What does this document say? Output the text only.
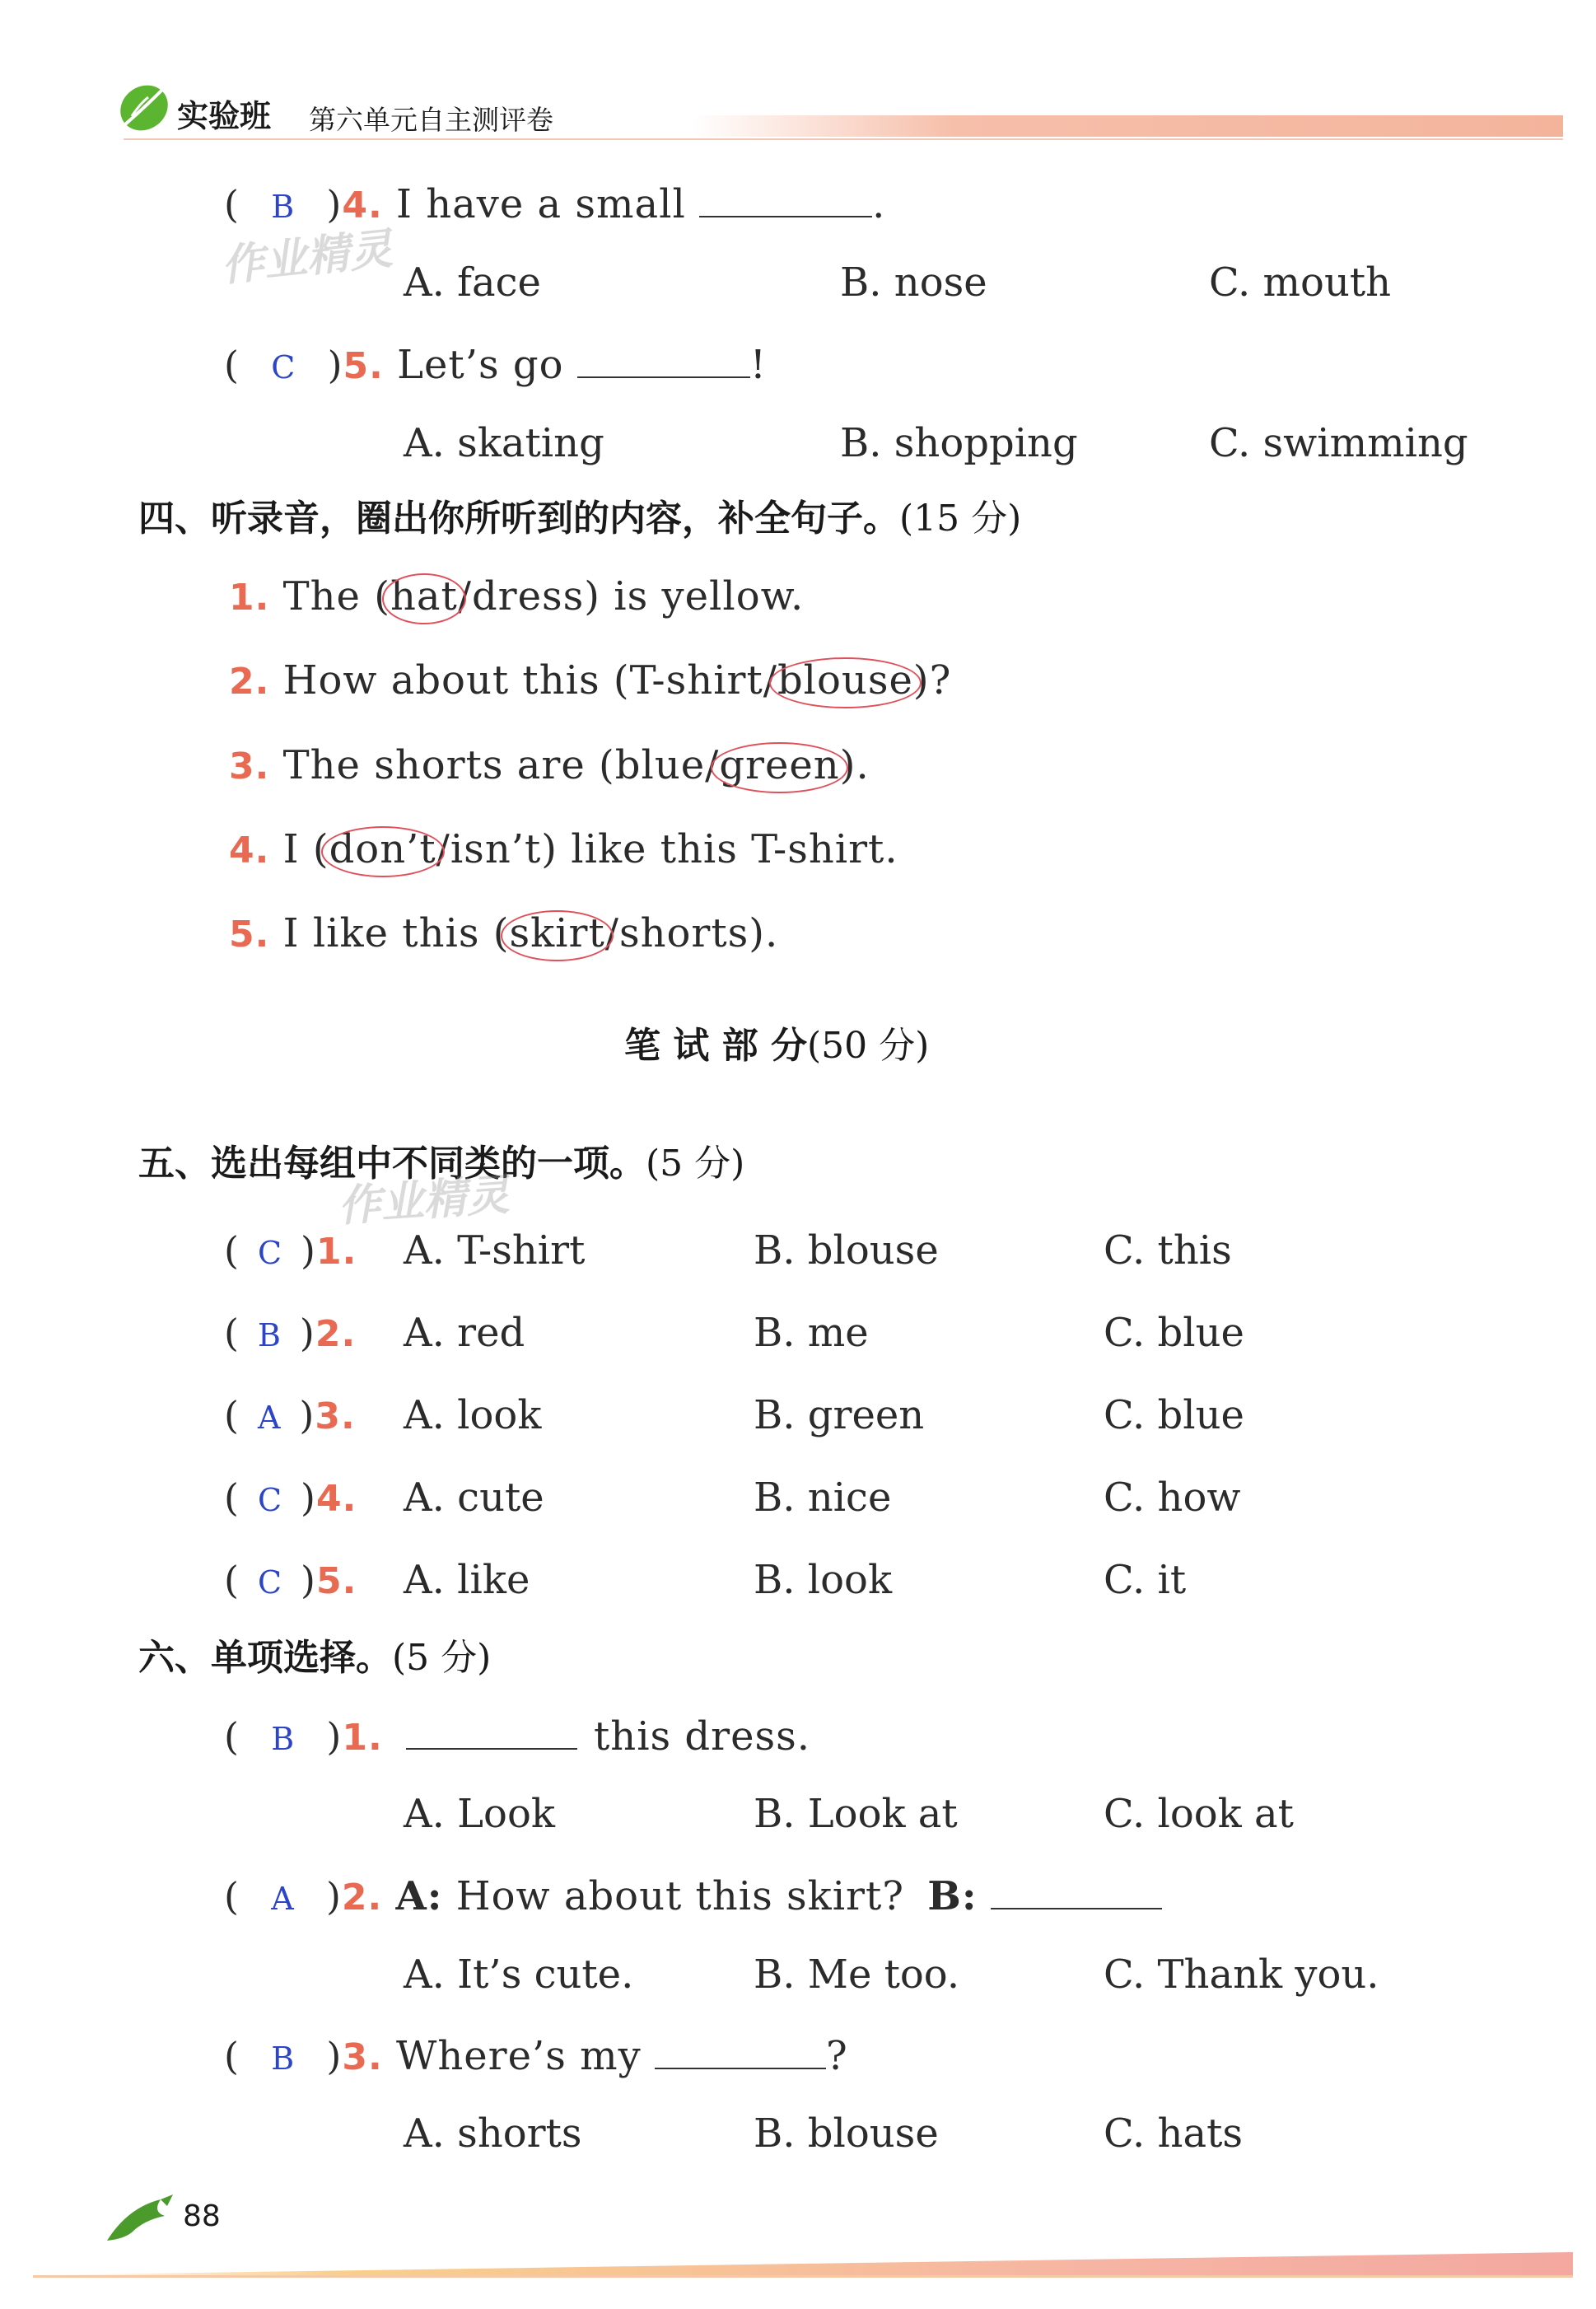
实验班 第六单元自主测评卷
作业精灵
( B )4. I have a small	.
A. face	B. nose	C. mouth
( C )5. Let’s go	!
A. skating	B. shopping	C. swimming
四、听录音，圈出你所听到的内容，补全句子。(15 分)
1. The (hat/dress) is yellow.
2. How about this (T-shirt/blouse)?
3. The shorts are (blue/green).
4. I (don’t/isn’t) like this T-shirt.
5. I like this (skirt/shorts).
笔 试 部 分(50 分)
五、选出每组中不同类的一项。(5 分)
作业精灵
( C )1. A. T-shirt	B. blouse	C. this
( B )2. A. red	B. me	C. blue
( A )3. A. look	B. green	C. blue
( C )4. A. cute	B. nice	C. how
( C )5. A. like	B. look	C. it
六、单项选择。(5 分)
( B )1.	this dress.
A. Look	B. Look at	C. look at
( A )2. A: How about this skirt? B:
A. It’s cute.	B. Me too.	C. Thank you.
( B )3. Where’s my	?
A. shorts	B. blouse	C. hats
88
